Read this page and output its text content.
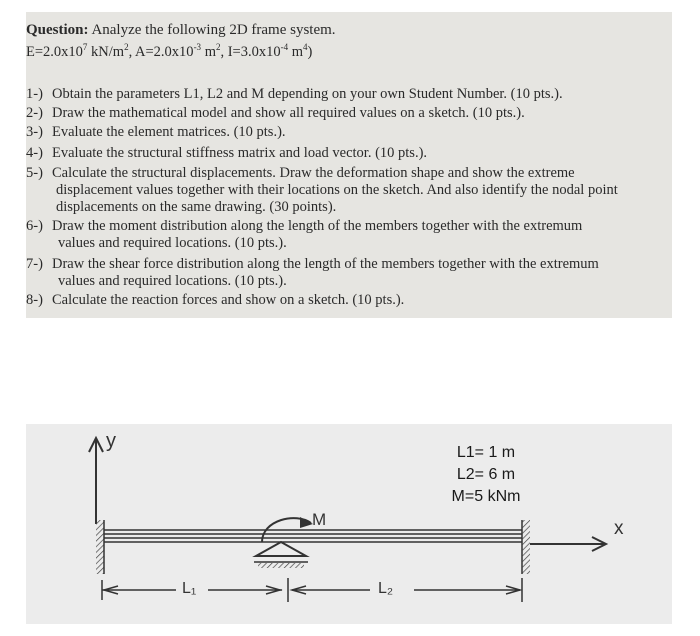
Question: Analyze the following 2D frame system.
$E=2.0x10^7$ $kN/m^2$, $A=2.0x10^{-3}$ $m^2$, $I=3.0x10^{-4}$ $m^4$)
1-) Obtain the parameters L1, L2 and M depending on your own Student Number. (10 pts.).
2-) Draw the mathematical model and show all required values on a sketch. (10 pts.).
3-) Evaluate the element matrices. (10 pts.).
4-) Evaluate the structural stiffness matrix and load vector. (10 pts.).
5-) Calculate the structural displacements. Draw the deformation shape and show the extreme
displacement values together with their locations on the sketch. And also identify the nodal point
displacements on the same drawing. (30 points).
6-) Draw the moment distribution along the length of the members together with the extremum
values and required locations. (10 pts.).
7-) Draw the shear force distribution along the length of the members together with the extremum
values and required locations. (10 pts.).
8-) Calculate the reaction forces and show on a sketch. (10 pts.).
y
x
M
L₁	L₂
L1= 1 m
L2= 6 m
M=5 kNm
